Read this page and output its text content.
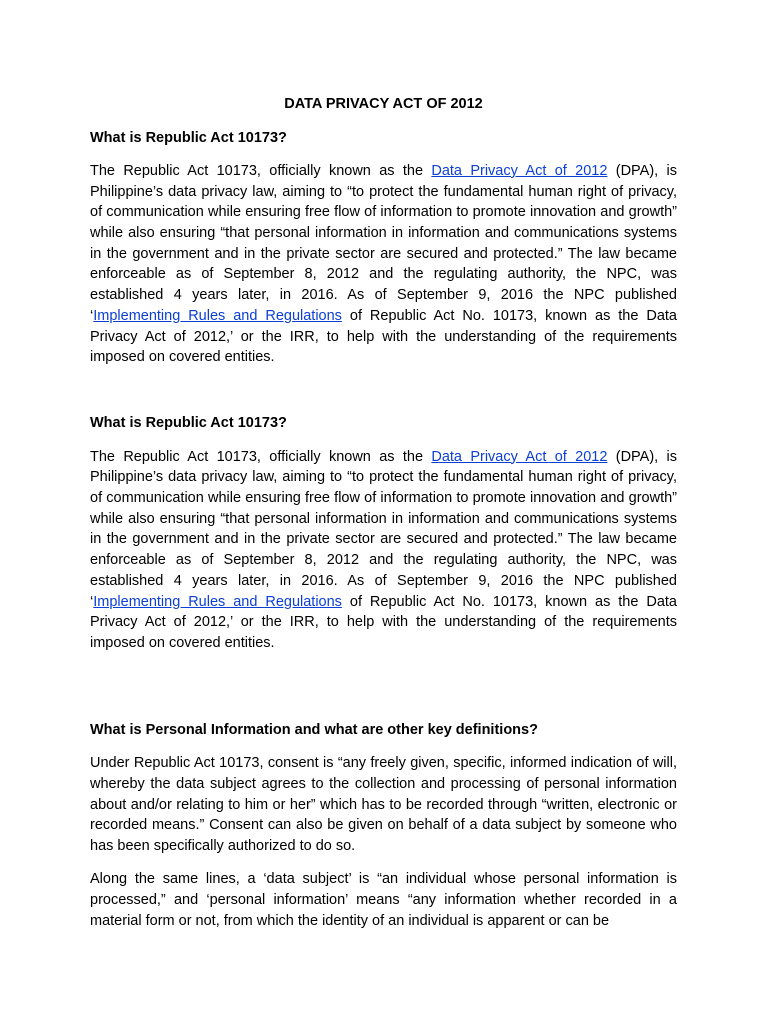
DATA PRIVACY ACT OF 2012
What is Republic Act 10173?

The Republic Act 10173, officially known as the Data Privacy Act of 2012 (DPA), is Philippine’s data privacy law, aiming to “to protect the fundamental human right of privacy, of communication while ensuring free flow of information to promote innovation and growth” while also ensuring “that personal information in information and communications systems in the government and in the private sector are secured and protected.” The law became enforceable as of September 8, 2012 and the regulating authority, the NPC, was established 4 years later, in 2016. As of September 9, 2016 the NPC published ‘Implementing Rules and Regulations of Republic Act No. 10173, known as the Data Privacy Act of 2012,’ or the IRR, to help with the understanding of the requirements imposed on covered entities.

What is Republic Act 10173?

The Republic Act 10173, officially known as the Data Privacy Act of 2012 (DPA), is Philippine’s data privacy law, aiming to “to protect the fundamental human right of privacy, of communication while ensuring free flow of information to promote innovation and growth” while also ensuring “that personal information in information and communications systems in the government and in the private sector are secured and protected.” The law became enforceable as of September 8, 2012 and the regulating authority, the NPC, was established 4 years later, in 2016. As of September 9, 2016 the NPC published ‘Implementing Rules and Regulations of Republic Act No. 10173, known as the Data Privacy Act of 2012,’ or the IRR, to help with the understanding of the requirements imposed on covered entities.

What is Personal Information and what are other key definitions?

Under Republic Act 10173, consent is “any freely given, specific, informed indication of will, whereby the data subject agrees to the collection and processing of personal information about and/or relating to him or her” which has to be recorded through “written, electronic or recorded means.” Consent can also be given on behalf of a data subject by someone who has been specifically authorized to do so.

Along the same lines, a ‘data subject’ is “an individual whose personal information is processed,” and ‘personal information’ means “any information whether recorded in a material form or not, from which the identity of an individual is apparent or can be
